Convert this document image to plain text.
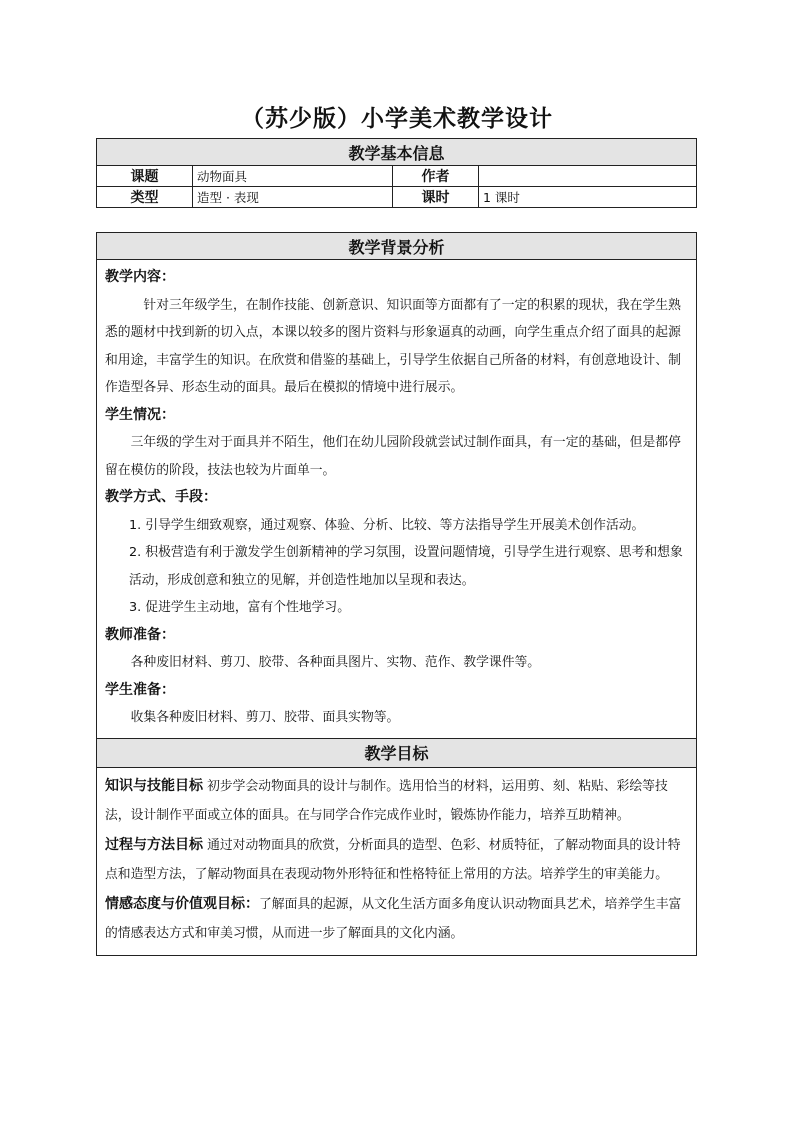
（苏少版）小学美术教学设计
教学基本信息			
课题	动物面具	作者	
类型	造型 · 表现	课时	1 课时
教学背景分析

教学内容：

针对三年级学生，在制作技能、创新意识、知识面等方面都有了一定的积累的现状，我在学生熟悉的题材中找到新的切入点，本课以较多的图片资料与形象逼真的动画，向学生重点介绍了面具的起源和用途，丰富学生的知识。在欣赏和借鉴的基础上，引导学生依据自己所备的材料，有创意地设计、制作造型各异、形态生动的面具。最后在模拟的情境中进行展示。

学生情况：

三年级的学生对于面具并不陌生，他们在幼儿园阶段就尝试过制作面具，有一定的基础，但是都停留在模仿的阶段，技法也较为片面单一。

教学方式、手段：

1. 引导学生细致观察，通过观察、体验、分析、比较、等方法指导学生开展美术创作活动。

2. 积极营造有利于激发学生创新精神的学习氛围，设置问题情境，引导学生进行观察、思考和想象活动，形成创意和独立的见解，并创造性地加以呈现和表达。

3. 促进学生主动地，富有个性地学习。

教师准备：

各种废旧材料、剪刀、胶带、各种面具图片、实物、范作、教学课件等。

学生准备：

收集各种废旧材料、剪刀、胶带、面具实物等。

教学目标

知识与技能目标 初步学会动物面具的设计与制作。选用恰当的材料，运用剪、刻、粘贴、彩绘等技法，设计制作平面或立体的面具。在与同学合作完成作业时，锻炼协作能力，培养互助精神。

过程与方法目标 通过对动物面具的欣赏，分析面具的造型、色彩、材质特征，了解动物面具的设计特点和造型方法，了解动物面具在表现动物外形特征和性格特征上常用的方法。培养学生的审美能力。

情感态度与价值观目标：了解面具的起源，从文化生活方面多角度认识动物面具艺术，培养学生丰富的情感表达方式和审美习惯，从而进一步了解面具的文化内涵。
